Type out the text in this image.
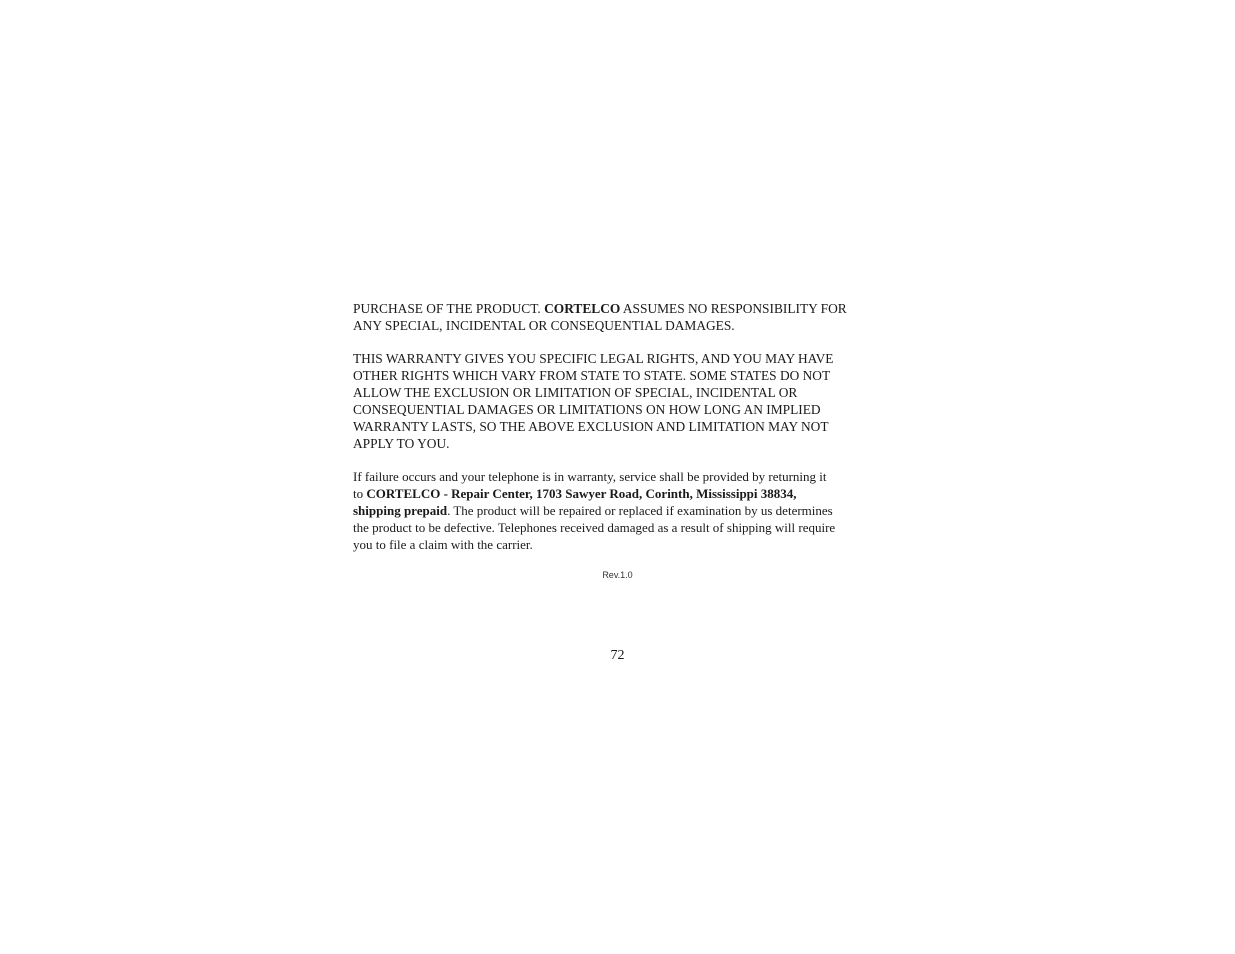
PURCHASE OF THE PRODUCT. CORTELCO ASSUMES NO RESPONSIBILITY FOR

ANY SPECIAL, INCIDENTAL OR CONSEQUENTIAL DAMAGES.

THIS WARRANTY GIVES YOU SPECIFIC LEGAL RIGHTS, AND YOU MAY HAVE

OTHER RIGHTS WHICH VARY FROM STATE TO STATE. SOME STATES DO NOT

ALLOW THE EXCLUSION OR LIMITATION OF SPECIAL, INCIDENTAL OR

CONSEQUENTIAL DAMAGES OR LIMITATIONS ON HOW LONG AN IMPLIED

WARRANTY LASTS, SO THE ABOVE EXCLUSION AND LIMITATION MAY NOT

APPLY TO YOU.

If failure occurs and your telephone is in warranty, service shall be provided by returning it

to CORTELCO - Repair Center, 1703 Sawyer Road, Corinth, Mississippi 38834,

shipping prepaid. The product will be repaired or replaced if examination by us determines

the product to be defective. Telephones received damaged as a result of shipping will require

you to file a claim with the carrier.

Rev.1.0
72
